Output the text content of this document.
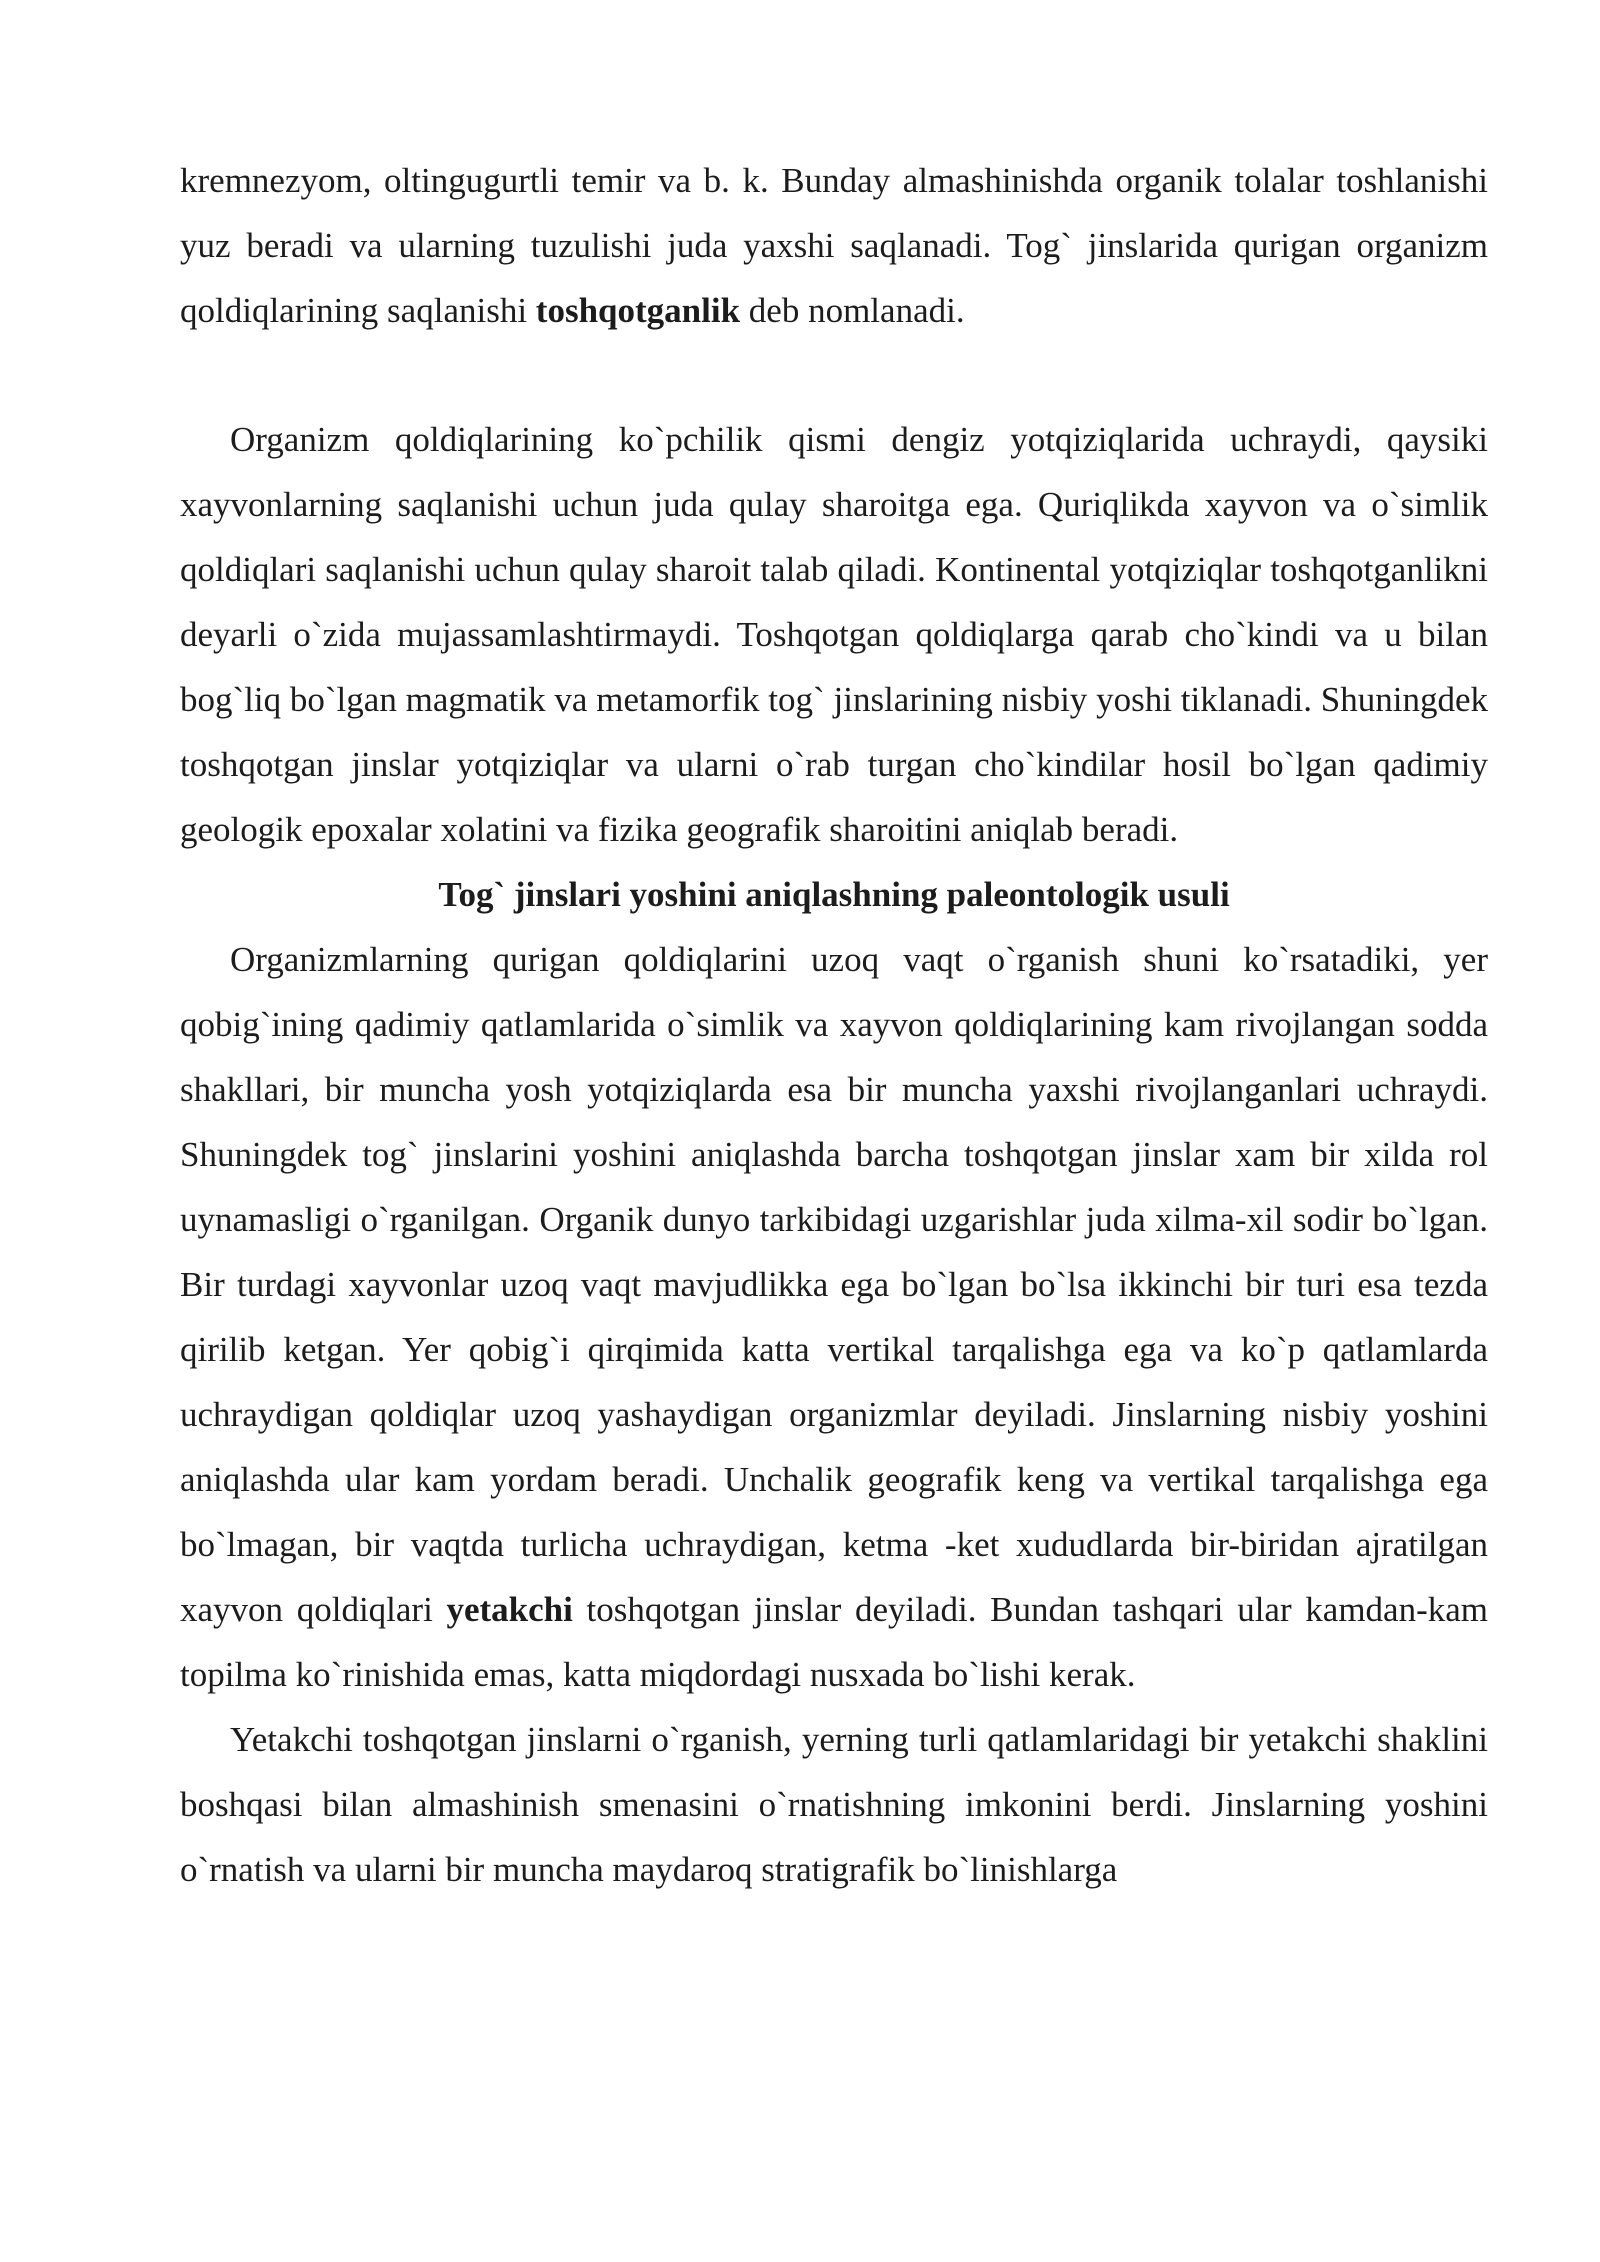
kremnezyom, oltingugurtli temir va b. k. Bunday almashinishda organik tolalar toshlanishi yuz beradi va ularning tuzulishi juda yaxshi saqlanadi. Tog` jinslarida qurigan organizm qoldiqlarining saqlanishi toshqotganlik deb nomlanadi.

Organizm qoldiqlarining ko`pchilik qismi dengiz yotqiziqlarida uchraydi, qaysiki xayvonlarning saqlanishi uchun juda qulay sharoitga ega. Quriqlikda xayvon va o`simlik qoldiqlari saqlanishi uchun qulay sharoit talab qiladi. Kontinental yotqiziqlar toshqotganlikni deyarli o`zida mujassamlashtirmaydi. Toshqotgan qoldiqlarga qarab cho`kindi va u bilan bog`liq bo`lgan magmatik va metamorfik tog` jinslarining nisbiy yoshi tiklanadi. Shuningdek toshqotgan jinslar yotqiziqlar va ularni o`rab turgan cho`kindilar hosil bo`lgan qadimiy geologik epoxalar xolatini va fizika geografik sharoitini aniqlab beradi.

Tog` jinslari yoshini aniqlashning paleontologik usuli

Organizmlarning qurigan qoldiqlarini uzoq vaqt o`rganish shuni ko`rsatadiki, yer qobig`ining qadimiy qatlamlarida o`simlik va xayvon qoldiqlarining kam rivojlangan sodda shakllari, bir muncha yosh yotqiziqlarda esa bir muncha yaxshi rivojlanganlari uchraydi. Shuningdek tog` jinslarini yoshini aniqlashda barcha toshqotgan jinslar xam bir xilda rol uynamasligi o`rganilgan. Organik dunyo tarkibidagi uzgarishlar juda xilma-xil sodir bo`lgan. Bir turdagi xayvonlar uzoq vaqt mavjudlikka ega bo`lgan bo`lsa ikkinchi bir turi esa tezda qirilib ketgan. Yer qobig`i qirqimida katta vertikal tarqalishga ega va ko`p qatlamlarda uchraydigan qoldiqlar uzoq yashaydigan organizmlar deyiladi. Jinslarning nisbiy yoshini aniqlashda ular kam yordam beradi. Unchalik geografik keng va vertikal tarqalishga ega bo`lmagan, bir vaqtda turlicha uchraydigan, ketma -ket xududlarda bir-biridan ajratilgan xayvon qoldiqlari yetakchi toshqotgan jinslar deyiladi. Bundan tashqari ular kamdan-kam topilma ko`rinishida emas, katta miqdordagi nusxada bo`lishi kerak.

Yetakchi toshqotgan jinslarni o`rganish, yerning turli qatlamlaridagi bir yetakchi shaklini boshqasi bilan almashinish smenasini o`rnatishning imkonini berdi. Jinslarning yoshini o`rnatish va ularni bir muncha maydaroq stratigrafik bo`linishlarga
